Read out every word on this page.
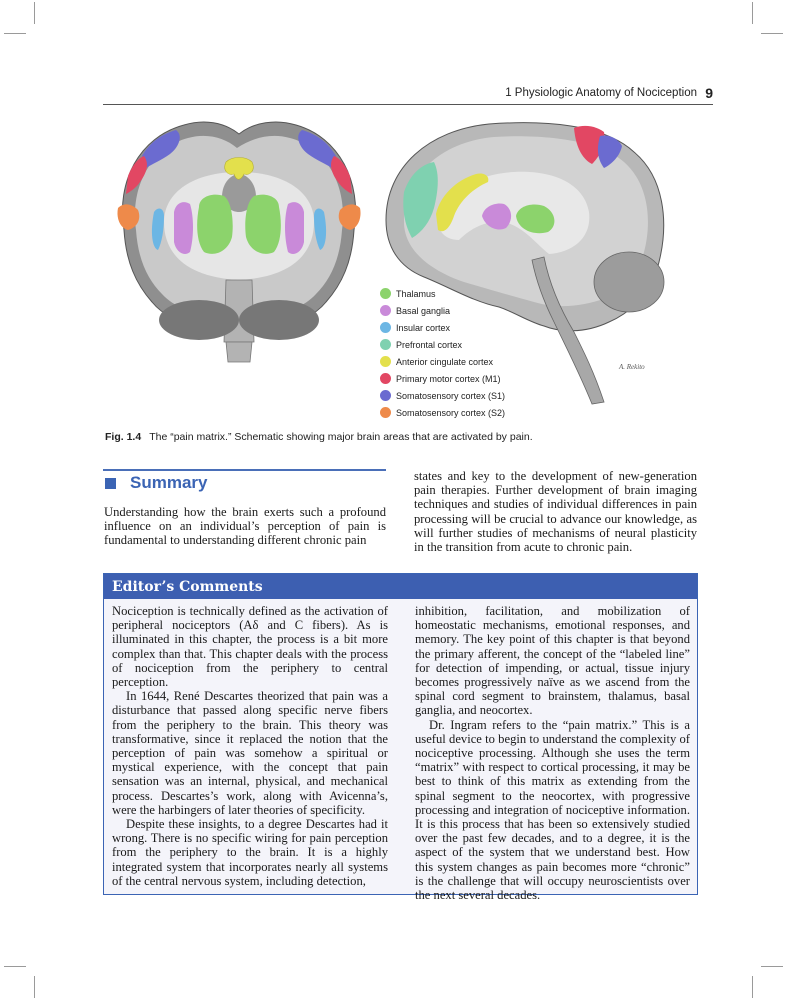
1 Physiologic Anatomy of Nociception 9
A. Rekito
Thalamus
Basal ganglia
Insular cortex
Prefrontal cortex
Anterior cingulate cortex
Primary motor cortex (M1)
Somatosensory cortex (S1)
Somatosensory cortex (S2)
Fig. 1.4 The “pain matrix.” Schematic showing major brain areas that are activated by pain.
Summary

Understanding how the brain exerts such a profound influence on an individual’s perception of pain is fundamental to understanding different chronic pain

states and key to the development of new-generation pain therapies. Further development of brain imaging techniques and studies of individual differences in pain processing will be crucial to advance our knowledge, as will further studies of mechanisms of neural plasticity in the transition from acute to chronic pain.

Editor’s Comments

Nociception is technically defined as the activation of peripheral nociceptors (Aδ and C fibers). As is illuminated in this chapter, the process is a bit more complex than that. This chapter deals with the process of nociception from the periphery to central perception.

In 1644, René Descartes theorized that pain was a disturbance that passed along specific nerve fibers from the periphery to the brain. This theory was transformative, since it replaced the notion that the perception of pain was somehow a spiritual or mystical experience, with the concept that pain sensation was an internal, physical, and mechanical process. Descartes’s work, along with Avicenna’s, were the harbingers of later theories of specificity.

Despite these insights, to a degree Descartes had it wrong. There is no specific wiring for pain perception from the periphery to the brain. It is a highly integrated system that incorporates nearly all systems of the central nervous system, including detection,

inhibition, facilitation, and mobilization of homeostatic mechanisms, emotional responses, and memory. The key point of this chapter is that beyond the primary afferent, the concept of the “labeled line” for detection of impending, or actual, tissue injury becomes progressively naïve as we ascend from the spinal cord segment to brainstem, thalamus, basal ganglia, and neocortex.

Dr. Ingram refers to the “pain matrix.” This is a useful device to begin to understand the complexity of nociceptive processing. Although she uses the term “matrix” with respect to cortical processing, it may be best to think of this matrix as extending from the spinal segment to the neocortex, with progressive processing and integration of nociceptive information. It is this process that has been so extensively studied over the past few decades, and to a degree, it is the aspect of the system that we understand best. How this system changes as pain becomes more “chronic” is the challenge that will occupy neuroscientists over the next several decades.
